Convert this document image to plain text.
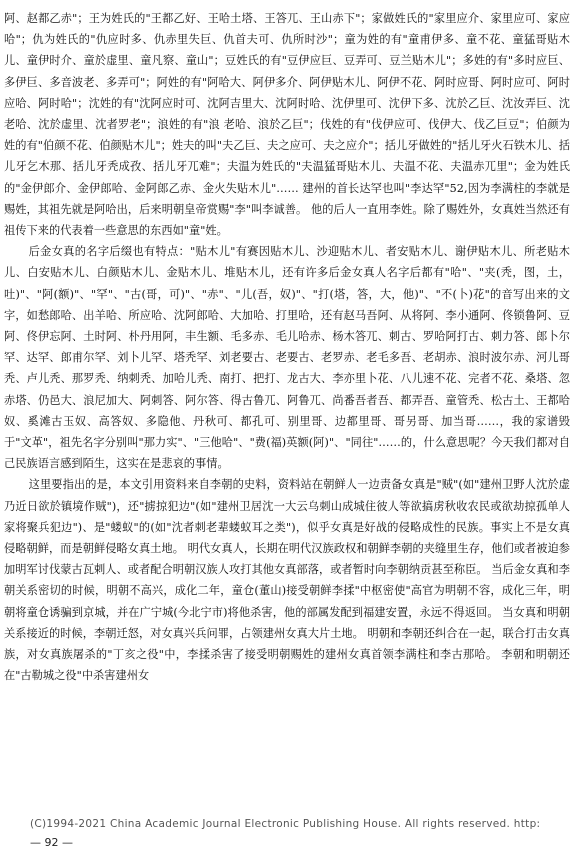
阿、赵都乙赤"；王为姓氏的"王都乙好、王哈土塔、王答兀、王山赤下"；家做姓氏的"家里应介、家里应可、家应哈"；仇为姓氏的"仇应时多、仇赤里失巨、仇首夫可、仇所时沙"；童为姓的有"童甫伊多、童不花、童猛哥贴木儿、童伊时介、童於虚里、童凡察、童山"；豆姓氏的有"豆伊应巨、豆弄可、豆兰贴木儿"；多姓的有"多时应巨、多伊巨、多音波老、多弄可"；阿姓的有"阿哈大、阿伊多介、阿伊贴木儿、阿伊不花、阿时应哥、阿时应可、阿时应哈、阿时哈"；沈姓的有"沈阿应时可、沈阿吉里大、沈阿时哈、沈伊里可、沈伊下多、沈於乙巨、沈汝弄巨、沈 老哈、沈於虚里、沈者罗老"；浪姓的有"浪 老哈、浪於乙巨"；伐姓的有"伐伊应可、伐伊大、伐乙巨豆"；伯颜为姓的有"伯颜不花、伯颜贴木儿"；姓夫的叫"夫乙巨、夫之应可、夫之应介"；括儿牙做姓的"括儿牙火石铁木儿、括儿牙乞木那、括儿牙秃成孜、括儿牙兀难"；夫温为姓氏的"夫温猛哥贴木儿、夫温不花、夫温赤兀里"；金为姓氏的"金伊郎介、金伊郎哈、金阿郎乙赤、金火失贴木儿"…… 建州的首长达罕也叫"李达罕"52,因为李满柱的李就是赐姓，其祖先就是阿哈出，后来明朝皇帝赏赐"李"叫李诚善。 他的后人一直用李姓。除了赐姓外，女真姓当然还有祖传下来的代表着一些意思的东西如"童"姓。

后金女真的名字后缀也有特点："贴木儿"有赛因贴木儿、沙迎贴木儿、者安贴木儿、谢伊贴木儿、所老贴木儿、白安贴木儿、白颜贴木儿、金贴木儿、堆贴木儿，还有许多后金女真人名字后都有"哈"、"夹(秃，图，土，吐)"、"阿(额)"、"罕"、"古(哥，可)"、"赤"、"儿(吾，奴)"、"打(塔，答，大，他)"、"不(卜)花"的音写出来的文字，如愁郎哈、出羊哈、所应哈、沈阿郎哈、大加哈、打里哈，还有赵马吾阿、从将阿、李小通阿、佟锁鲁阿、豆阿、佟伊忘阿、土时阿、朴丹用阿，丰生额、毛多赤、毛儿哈赤、杨木答兀、刺古、罗哈阿打古、刺力答、郎卜尔罕、达罕、郎甫尔罕、刘卜儿罕、塔秃罕、刘老要古、老要古、老罗赤、老毛多吾、老胡赤、浪时波尔赤、河儿哥秃、卢儿秃、那罗秃、纳刺秃、加哈儿秃、南打、把打、龙古大、李亦里卜花、八儿速不花、完者不花、桑塔、忽赤塔、仍邑大、浪尼加大、阿刺答、阿尔答、得古鲁兀、阿鲁兀、尚番吾者吾、都弄吾、童管秃、松古土、王都哈奴、奚滩古玉奴、高答奴、多隐他、丹秋可、都孔可、别里哥、边都里哥、哥另哥、加当哥……，我的家谱毁于"文革"，祖先名字分别叫"那力实"、"三他哈"、"费(福)英额(阿)"、"同往"……的，什么意思呢？今天我们都对自己民族语言感到陌生，这实在是悲哀的事情。

这里要指出的是，本文引用资料来自李朝的史料，资料站在朝鲜人一边责备女真是"贼"(如"建州卫野人沈於虚乃近日欲於镇境作贼")，还"掳掠犯边"(如"建州卫居沈一大云乌刺山成城住彼人等欲搞虏秋收农民或欲劫掠孤单人家将聚兵犯边")、是"蝼蚁"的(如"沈者刺老辈蝼蚁耳之类")，似乎女真是好战的侵略成性的民族。事实上不是女真侵略朝鲜，而是朝鲜侵略女真土地。 明代女真人，长期在明代汉族政权和朝鲜李朝的夹缝里生存，他们或者被迫参加明军讨伐蒙古瓦剌人、或者配合明朝汉族人攻打其他女真部落，或者暂时向李朝纳贡甚至称臣。 当后金女真和李朝关系密切的时候，明朝不高兴，成化二年，童仓(董山)接受朝鲜李揉"中枢密使"高官为明朝不容，成化三年，明朝将童仓诱骗到京城，并在广宁城(今北宁市)将他杀害，他的部属发配到福建安置，永远不得返回。 当女真和明朝关系接近的时候，李朝迁怒，对女真兴兵问罪，占领建州女真大片土地。 明朝和李朝还纠合在一起，联合打击女真族，对女真族屠杀的"丁亥之役"中，李揉杀害了接受明朝赐姓的建州女真首领李满柱和李古那哈。 李朝和明朝还在"古勒城之役"中杀害建州女

(C)1994-2021 China Academic Journal Electronic Publishing House. All rights reserved. http:
— 92 —
